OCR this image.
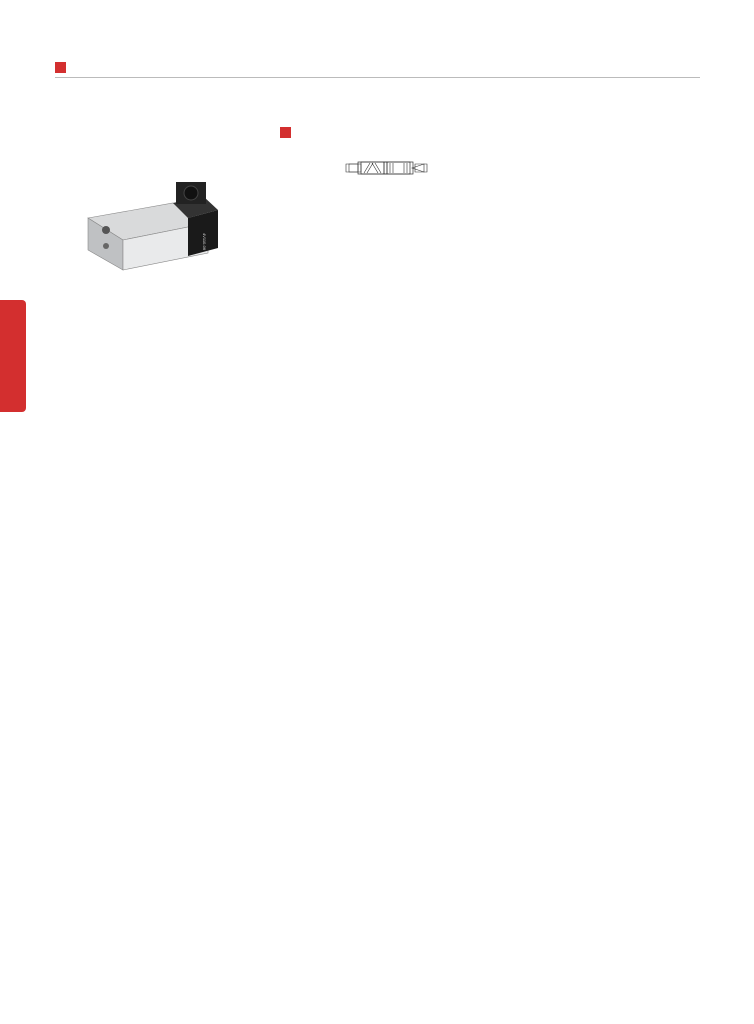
4V110-06
